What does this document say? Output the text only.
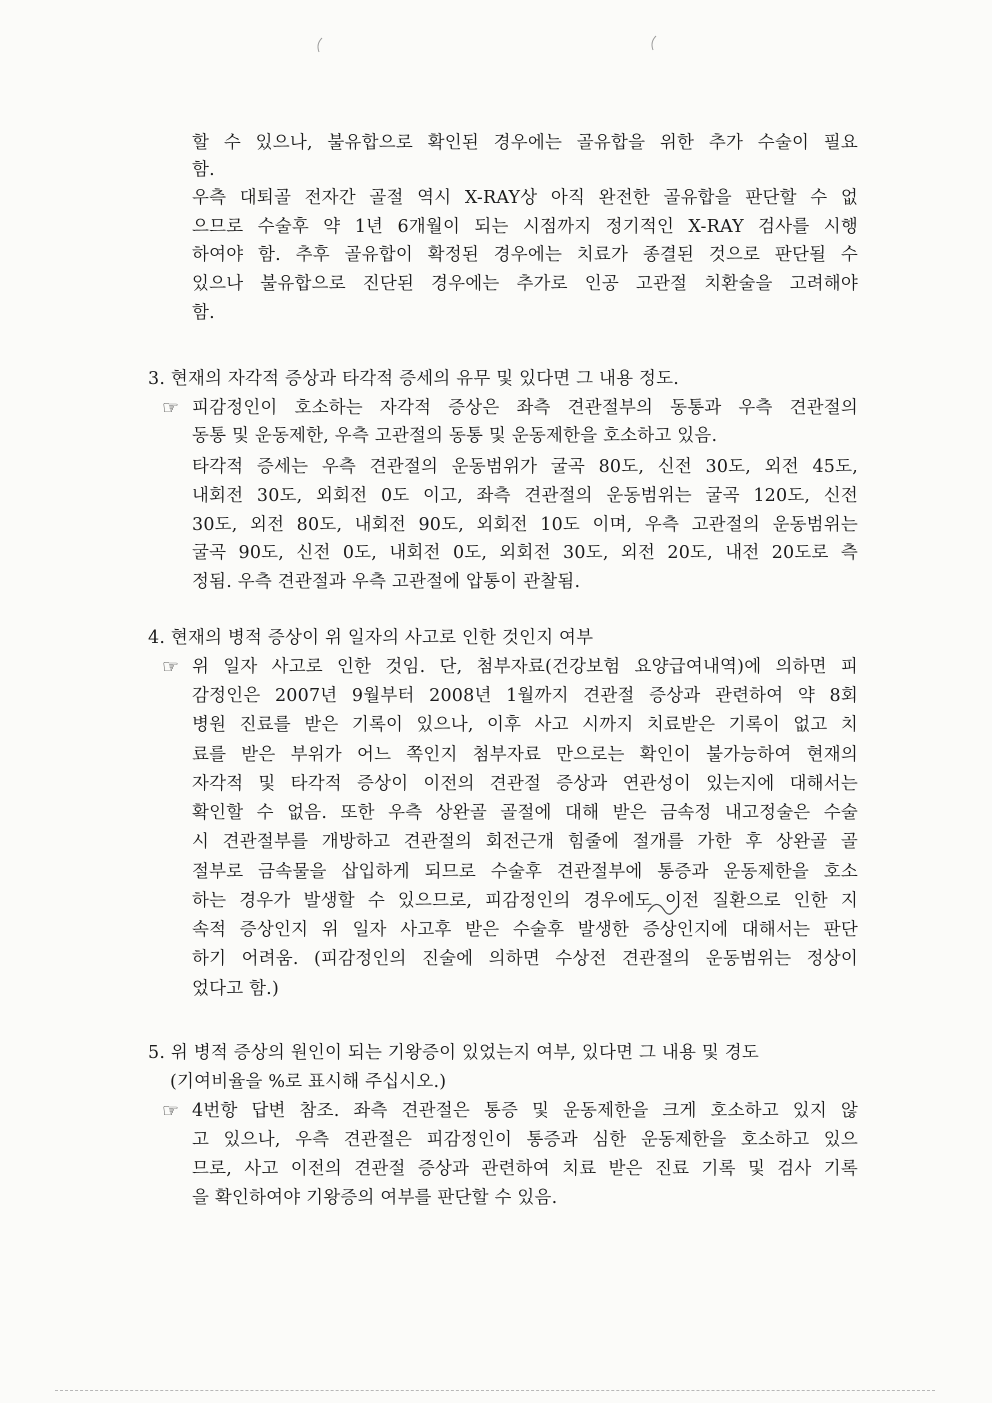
할 수 있으나, 불유합으로 확인된 경우에는 골유합을 위한 추가 수술이 필요
함.
우측 대퇴골 전자간 골절 역시 X-RAY상 아직 완전한 골유합을 판단할 수 없
으므로 수술후 약 1년 6개월이 되는 시점까지 정기적인 X-RAY 검사를 시행
하여야 함. 추후 골유합이 확정된 경우에는 치료가 종결된 것으로 판단될 수
있으나 불유합으로 진단된 경우에는 추가로 인공 고관절 치환술을 고려해야
함.
3. 현재의 자각적 증상과 타각적 증세의 유무 및 있다면 그 내용 정도.
☞ 피감정인이 호소하는 자각적 증상은 좌측 견관절부의 동통과 우측 견관절의
동통 및 운동제한, 우측 고관절의 동통 및 운동제한을 호소하고 있음.
타각적 증세는 우측 견관절의 운동범위가 굴곡 80도, 신전 30도, 외전 45도,
내회전 30도, 외회전 0도 이고, 좌측 견관절의 운동범위는 굴곡 120도, 신전
30도, 외전 80도, 내회전 90도, 외회전 10도 이며, 우측 고관절의 운동범위는
굴곡 90도, 신전 0도, 내회전 0도, 외회전 30도, 외전 20도, 내전 20도로 측
정됨. 우측 견관절과 우측 고관절에 압통이 관찰됨.
4. 현재의 병적 증상이 위 일자의 사고로 인한 것인지 여부
☞ 위 일자 사고로 인한 것임. 단, 첨부자료(건강보험 요양급여내역)에 의하면 피
감정인은 2007년 9월부터 2008년 1월까지 견관절 증상과 관련하여 약 8회
병원 진료를 받은 기록이 있으나, 이후 사고 시까지 치료받은 기록이 없고 치
료를 받은 부위가 어느 쪽인지 첨부자료 만으로는 확인이 불가능하여 현재의
자각적 및 타각적 증상이 이전의 견관절 증상과 연관성이 있는지에 대해서는
확인할 수 없음. 또한 우측 상완골 골절에 대해 받은 금속정 내고정술은 수술
시 견관절부를 개방하고 견관절의 회전근개 힘줄에 절개를 가한 후 상완골 골
절부로 금속물을 삽입하게 되므로 수술후 견관절부에 통증과 운동제한을 호소
하는 경우가 발생할 수 있으므로, 피감정인의 경우에도 이전 질환으로 인한 지
속적 증상인지 위 일자 사고후 받은 수술후 발생한 증상인지에 대해서는 판단
하기 어려움. (피감정인의 진술에 의하면 수상전 견관절의 운동범위는 정상이
었다고 함.)
5. 위 병적 증상의 원인이 되는 기왕증이 있었는지 여부, 있다면 그 내용 및 경도
(기여비율을 %로 표시해 주십시오.)
☞ 4번항 답변 참조. 좌측 견관절은 통증 및 운동제한을 크게 호소하고 있지 않
고 있으나, 우측 견관절은 피감정인이 통증과 심한 운동제한을 호소하고 있으
므로, 사고 이전의 견관절 증상과 관련하여 치료 받은 진료 기록 및 검사 기록
을 확인하여야 기왕증의 여부를 판단할 수 있음.
